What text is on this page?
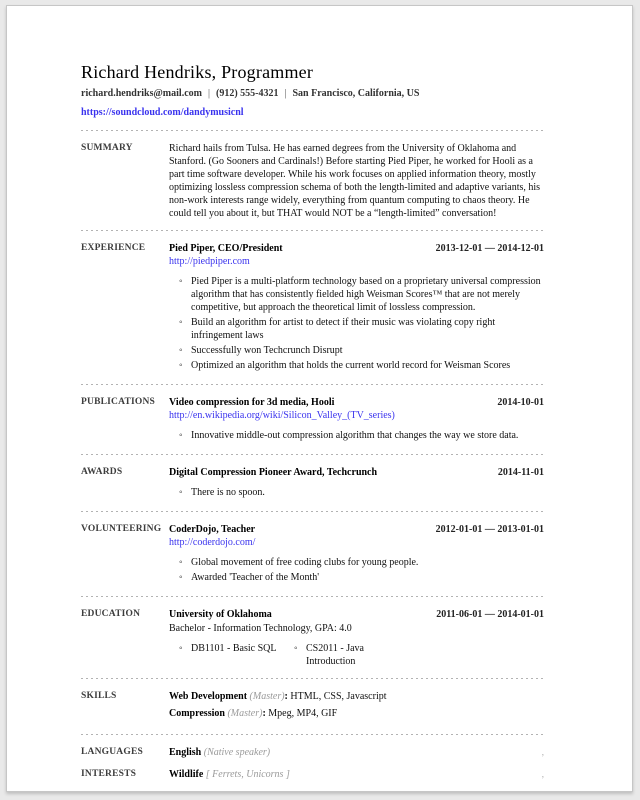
Richard Hendriks, Programmer
richard.hendriks@mail.com | (912) 555-4321 | San Francisco, California, US
https://soundcloud.com/dandymusicnl
SUMMARY	Richard hails from Tulsa. He has earned degrees from the University of Oklahoma and Stanford. (Go Sooners and Cardinals!) Before starting Pied Piper, he worked for Hooli as a part time software developer. While his work focuses on applied information theory, mostly optimizing lossless compression schema of both the length-limited and adaptive variants, his non-work interests range widely, everything from quantum computing to chaos theory. He could tell you about it, but THAT would NOT be a “length-limited” conversation!
EXPERIENCE	Pied Piper, CEO/President	2013-12-01 — 2014-12-01
http://piedpiper.com
◦ Pied Piper is a multi-platform technology based on a proprietary universal compression algorithm that has consistently fielded high Weisman Scores™ that are not merely competitive, but approach the theoretical limit of lossless compression.
◦ Build an algorithm for artist to detect if their music was violating copy right infringement laws
◦ Successfully won Techcrunch Disrupt
◦ Optimized an algorithm that holds the current world record for Weisman Scores
PUBLICATIONS	Video compression for 3d media, Hooli	2014-10-01
http://en.wikipedia.org/wiki/Silicon_Valley_(TV_series)
◦ Innovative middle-out compression algorithm that changes the way we store data.
AWARDS	Digital Compression Pioneer Award, Techcrunch	2014-11-01
◦ There is no spoon.
VOLUNTEERING CoderDojo, Teacher	2012-01-01 — 2013-01-01
http://coderdojo.com/
◦ Global movement of free coding clubs for young people.
◦ Awarded 'Teacher of the Month'
EDUCATION	University of Oklahoma	2011-06-01 — 2014-01-01
Bachelor - Information Technology, GPA: 4.0
◦ DB1101 - Basic SQL	◦ CS2011 - Java Introduction
SKILLS	Web Development (Master): HTML, CSS, Javascript
Compression (Master): Mpeg, MP4, GIF
LANGUAGES	English (Native speaker)	,
INTERESTS	Wildlife [ Ferrets, Unicorns ]	,
